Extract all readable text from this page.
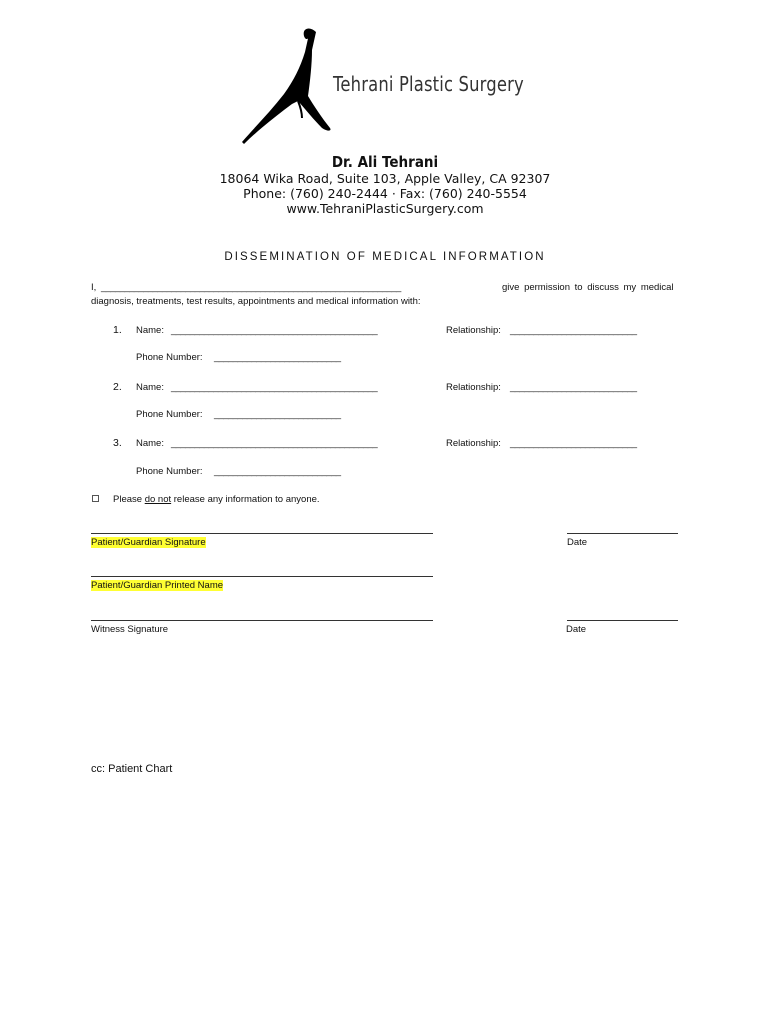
Tehrani Plastic Surgery
Dr. Ali Tehrani
18064 Wika Road, Suite 103, Apple Valley, CA 92307
Phone: (760) 240-2444 · Fax: (760) 240-5554
www.TehraniPlasticSurgery.com
DISSEMINATION OF MEDICAL INFORMATION
I, ________________________________________________________________	give permission to discuss my medical
diagnosis, treatments, test results, appointments and medical information with:
1. Name: ____________________________________________	Relationship: ___________________________
Phone Number: ___________________________
2. Name: ____________________________________________	Relationship: ___________________________
Phone Number: ___________________________
3. Name: ____________________________________________	Relationship: ___________________________
Phone Number: ___________________________
Please do not release any information to anyone.
Patient/Guardian Signature	Date
Patient/Guardian Printed Name
Witness Signature	Date
cc: Patient Chart
